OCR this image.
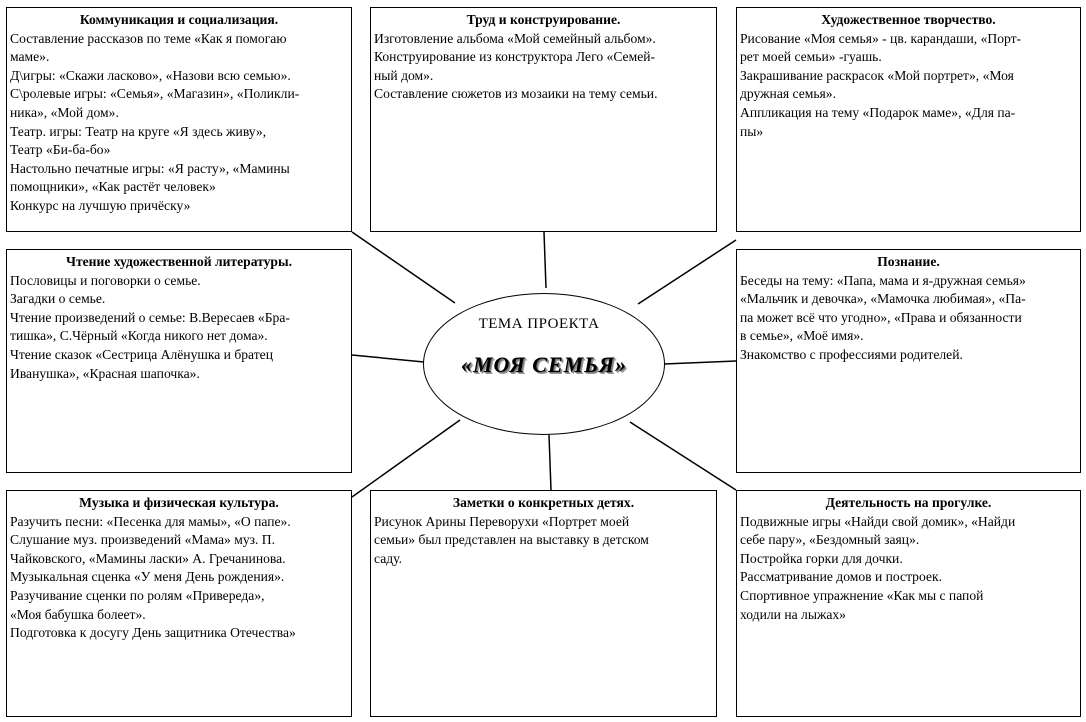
Коммуникация и социализация.
Составление рассказов по теме «Как я помогаю
маме».
Д\игры: «Скажи ласково», «Назови всю семью».
С\ролевые игры: «Семья», «Магазин», «Поликли-
ника», «Мой дом».
Театр. игры: Театр на круге «Я здесь живу»,
Театр «Би-ба-бо»
Настольно печатные игры: «Я расту», «Мамины
помощники», «Как растёт человек»
Конкурс на лучшую причёску»
Труд и конструирование.
Изготовление альбома «Мой семейный альбом».
Конструирование из конструктора Лего «Семей-
ный дом».
Составление сюжетов из мозаики на тему семьи.
Художественное творчество.
Рисование «Моя семья» - цв. карандаши, «Порт-
рет моей семьи» -гуашь.
Закрашивание раскрасок «Мой портрет», «Моя
дружная семья».
Аппликация на тему «Подарок маме», «Для па-
пы»
Чтение художественной литературы.
Пословицы и поговорки о семье.
Загадки о семье.
Чтение произведений о семье: В.Вересаев «Бра-
тишка», С.Чёрный «Когда никого нет дома».
Чтение сказок «Сестрица Алёнушка и братец
Иванушка», «Красная шапочка».
Познание.
Беседы на тему: «Папа, мама и я-дружная семья»
«Мальчик и девочка», «Мамочка любимая», «Па-
па может всё что угодно», «Права и обязанности
в семье», «Моё имя».
Знакомство с профессиями родителей.
Музыка и физическая культура.
Разучить песни: «Песенка для мамы», «О папе».
Слушание муз. произведений «Мама» муз. П.
Чайковского, «Мамины ласки» А. Гречанинова.
Музыкальная сценка «У меня День рождения».
Разучивание сценки по ролям «Привереда»,
«Моя бабушка болеет».
Подготовка к досугу День защитника Отечества»
Заметки о конкретных детях.
Рисунок Арины Переворухи «Портрет моей
семьи» был представлен на выставку в детском
саду.
Деятельность на прогулке.
Подвижные игры «Найди свой домик», «Найди
себе пару», «Бездомный заяц».
Постройка горки для дочки.
Рассматривание домов и построек.
Спортивное упражнение «Как мы с папой
ходили на лыжах»
ТЕМА ПРОЕКТА
«МОЯ СЕМЬЯ»
